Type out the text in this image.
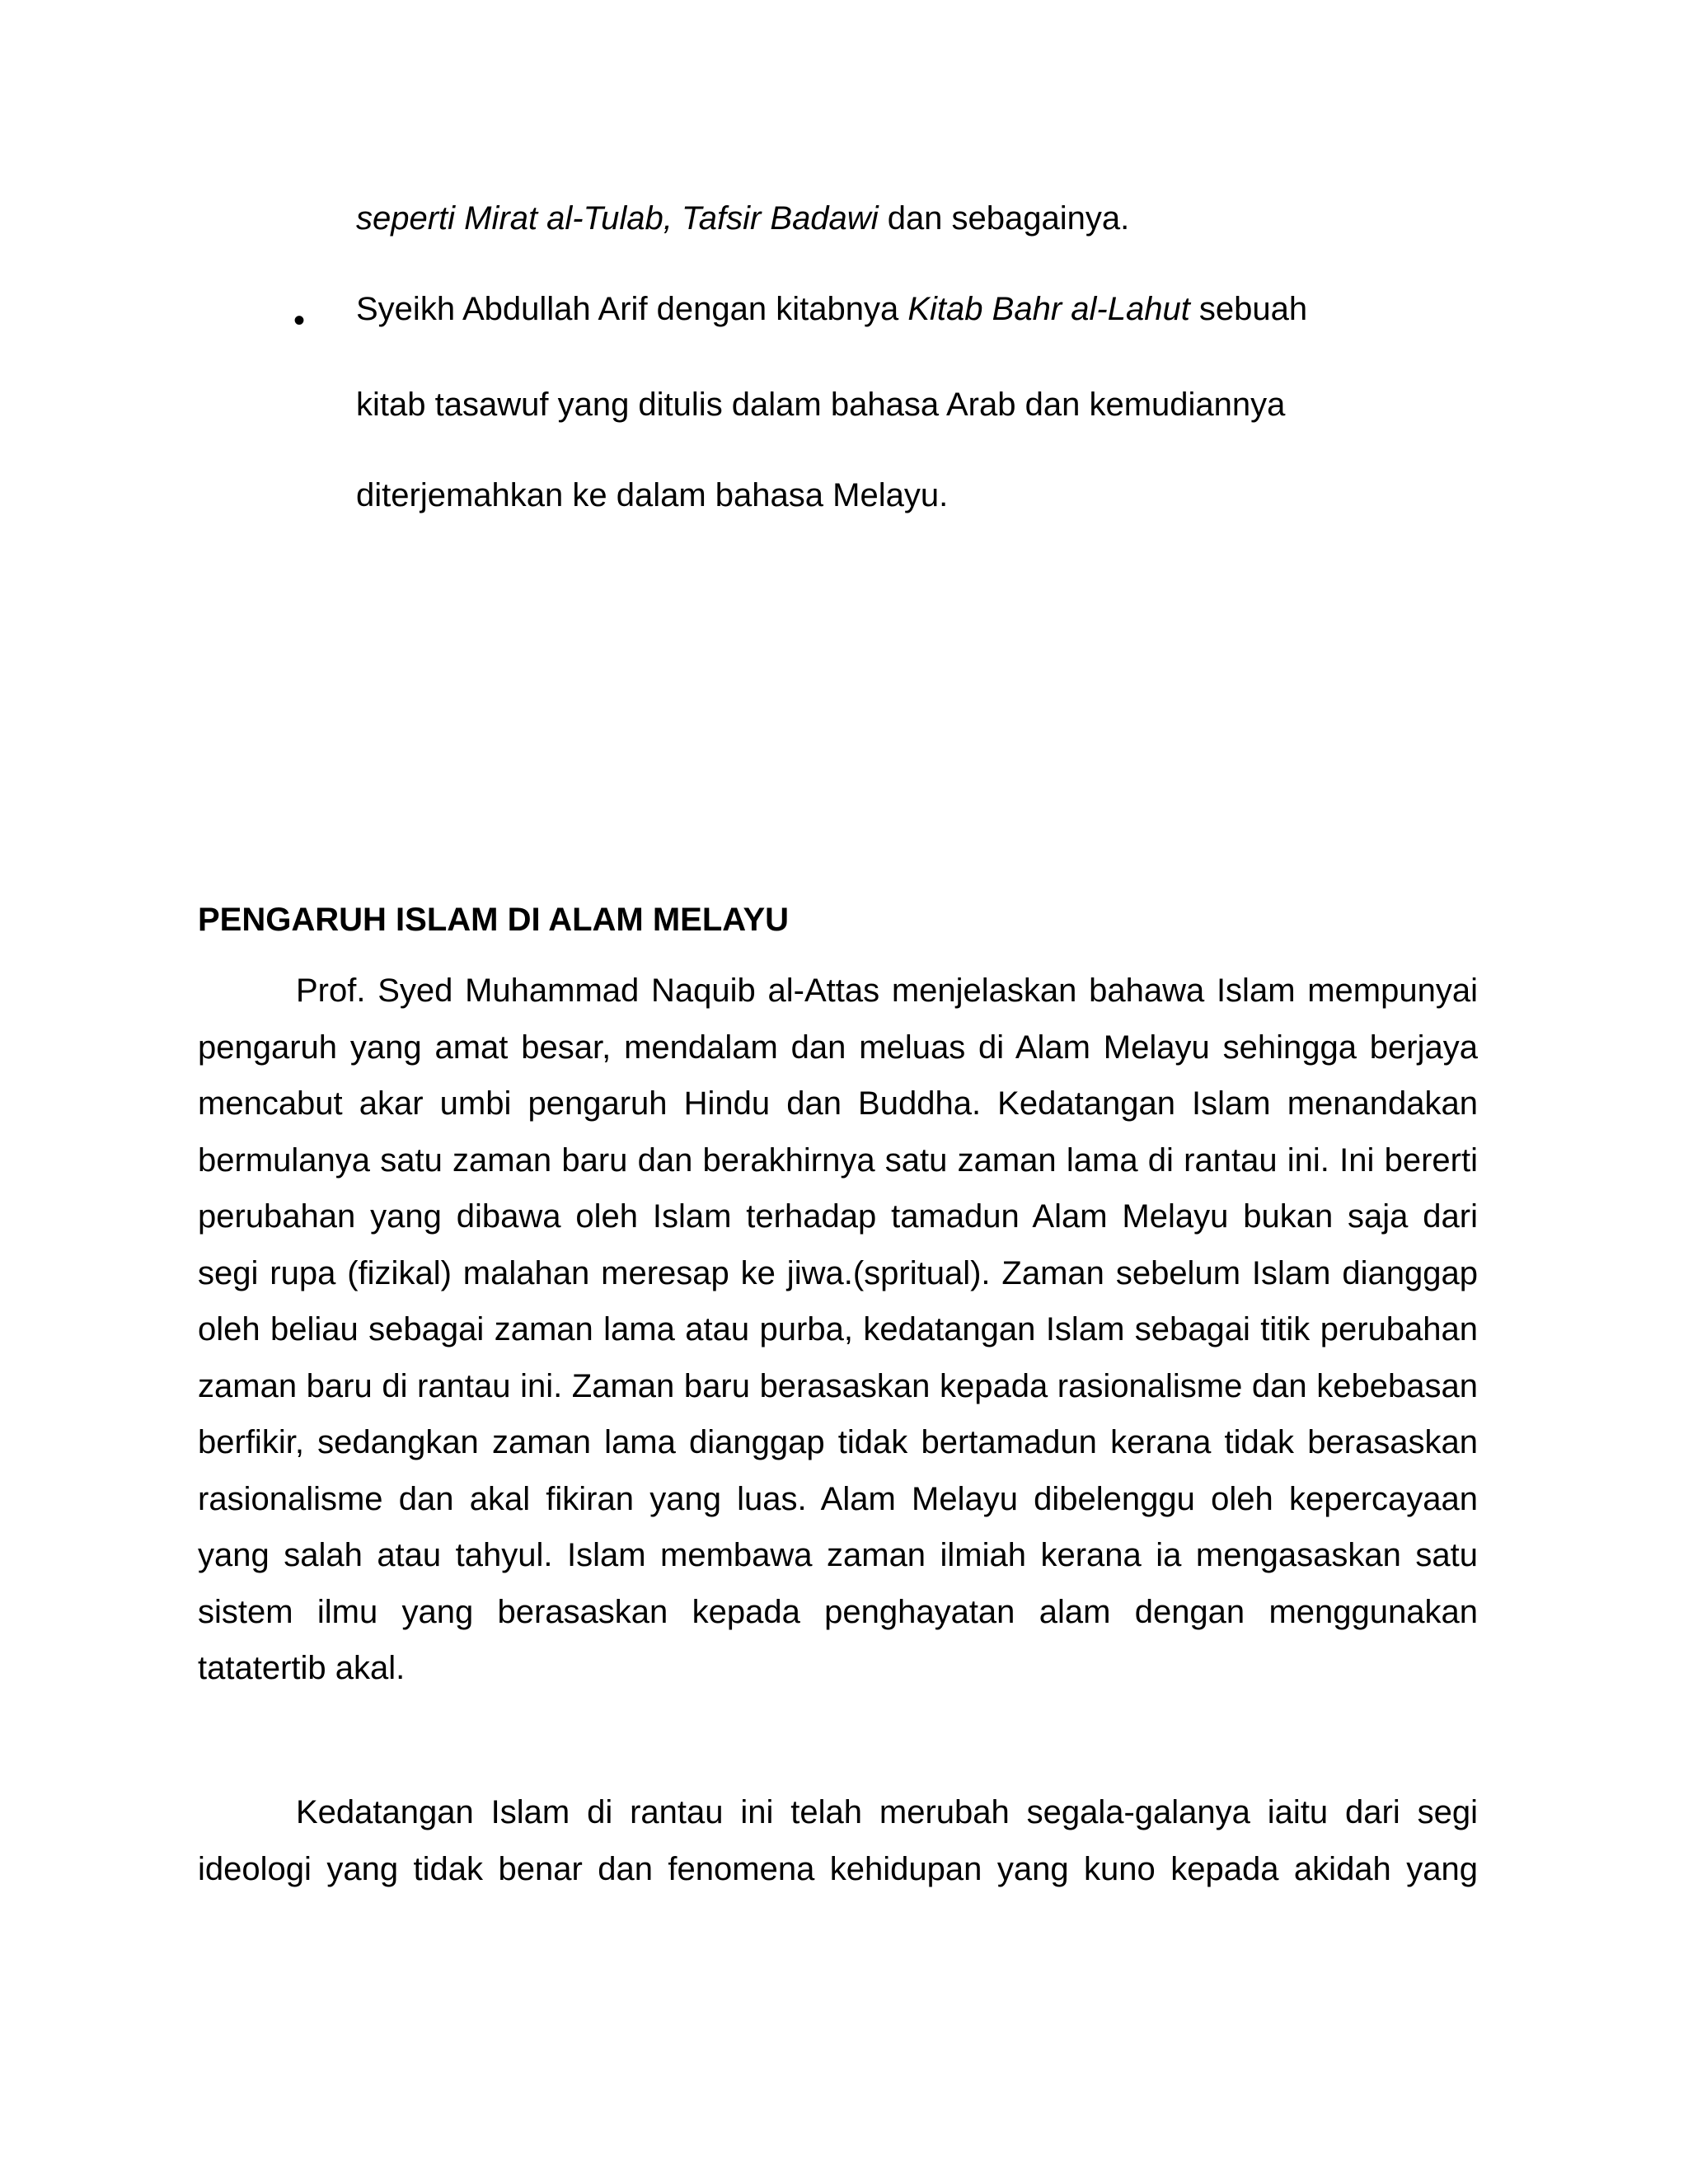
seperti Mirat al-Tulab, Tafsir Badawi dan sebagainya.
• Syeikh Abdullah Arif dengan kitabnya Kitab Bahr al-Lahut sebuah
kitab tasawuf yang ditulis dalam bahasa Arab dan kemudiannya
diterjemahkan ke dalam bahasa Melayu.
PENGARUH ISLAM DI ALAM MELAYU

Prof. Syed Muhammad Naquib al-Attas menjelaskan bahawa Islam mempunyai pengaruh yang amat besar, mendalam dan meluas di Alam Melayu sehingga berjaya mencabut akar umbi pengaruh Hindu dan Buddha. Kedatangan Islam menandakan bermulanya satu zaman baru dan berakhirnya satu zaman lama di rantau ini. Ini bererti perubahan yang dibawa oleh Islam terhadap tamadun Alam Melayu bukan saja dari segi rupa (fizikal) malahan meresap ke jiwa.(spritual). Zaman sebelum Islam dianggap oleh beliau sebagai zaman lama atau purba, kedatangan Islam sebagai titik perubahan zaman baru di rantau ini. Zaman baru berasaskan kepada rasionalisme dan kebebasan berfikir, sedangkan zaman lama dianggap tidak bertamadun kerana tidak berasaskan rasionalisme dan akal fikiran yang luas. Alam Melayu dibelenggu oleh kepercayaan yang salah atau tahyul. Islam membawa zaman ilmiah kerana ia mengasaskan satu sistem ilmu yang berasaskan kepada penghayatan alam dengan menggunakan tatatertib akal.

Kedatangan Islam di rantau ini telah merubah segala-galanya iaitu dari segi ideologi yang tidak benar dan fenomena kehidupan yang kuno kepada akidah yang
